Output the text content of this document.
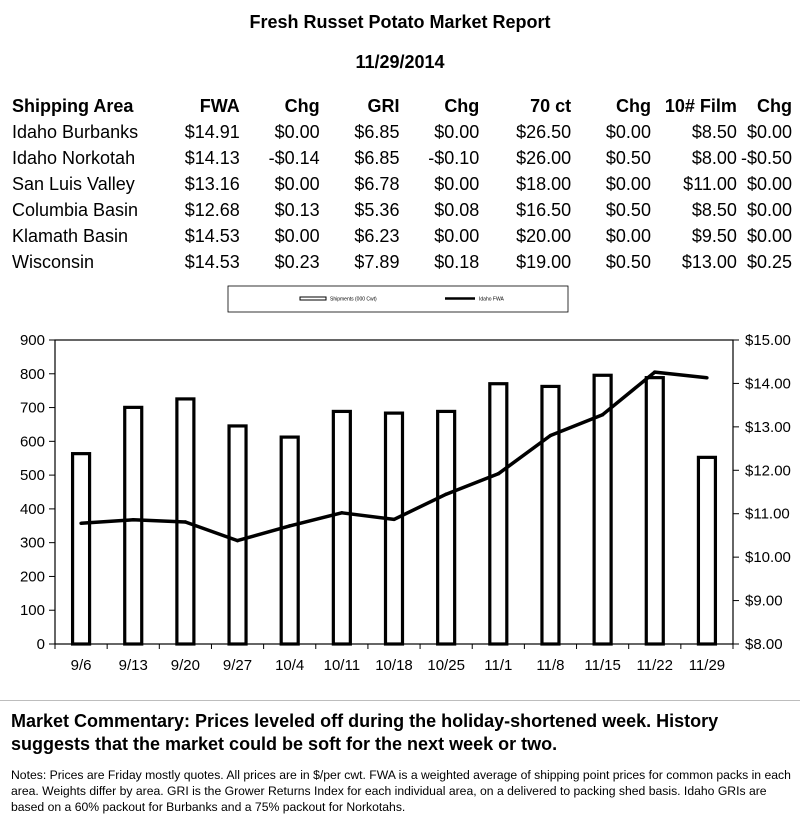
Fresh Russet Potato Market Report
11/29/2014
Shipping Area	FWA	Chg	GRI	Chg	70 ct	Chg	10# Film	Chg
Idaho Burbanks	$14.91	$0.00	$6.85	$0.00	$26.50	$0.00	$8.50	$0.00
Idaho Norkotah	$14.13	-$0.14	$6.85	-$0.10	$26.00	$0.50	$8.00	-$0.50
San Luis Valley	$13.16	$0.00	$6.78	$0.00	$18.00	$0.00	$11.00	$0.00
Columbia Basin	$12.68	$0.13	$5.36	$0.08	$16.50	$0.50	$8.50	$0.00
Klamath Basin	$14.53	$0.00	$6.23	$0.00	$20.00	$0.00	$9.50	$0.00
Wisconsin	$14.53	$0.23	$7.89	$0.18	$19.00	$0.50	$13.00	$0.25
Shipments (000 Cwt)	Idaho FWA
0
100
200
300
400
500
600
700
800
900
$8.00
$9.00
$10.00
$11.00
$12.00
$13.00
$14.00
$15.00
9/6 9/13 9/20 9/27 10/4 10/11 10/18 10/25 11/1 11/8 11/15 11/22 11/29
Market Commentary: Prices leveled off during the holiday-shortened week. History suggests that the market could be soft for the next week or two.
Notes: Prices are Friday mostly quotes. All prices are in $/per cwt. FWA is a weighted average of shipping point prices for common packs in each area. Weights differ by area. GRI is the Grower Returns Index for each individual area, on a delivered to packing shed basis. Idaho GRIs are based on a 60% packout for Burbanks and a 75% packout for Norkotahs.
